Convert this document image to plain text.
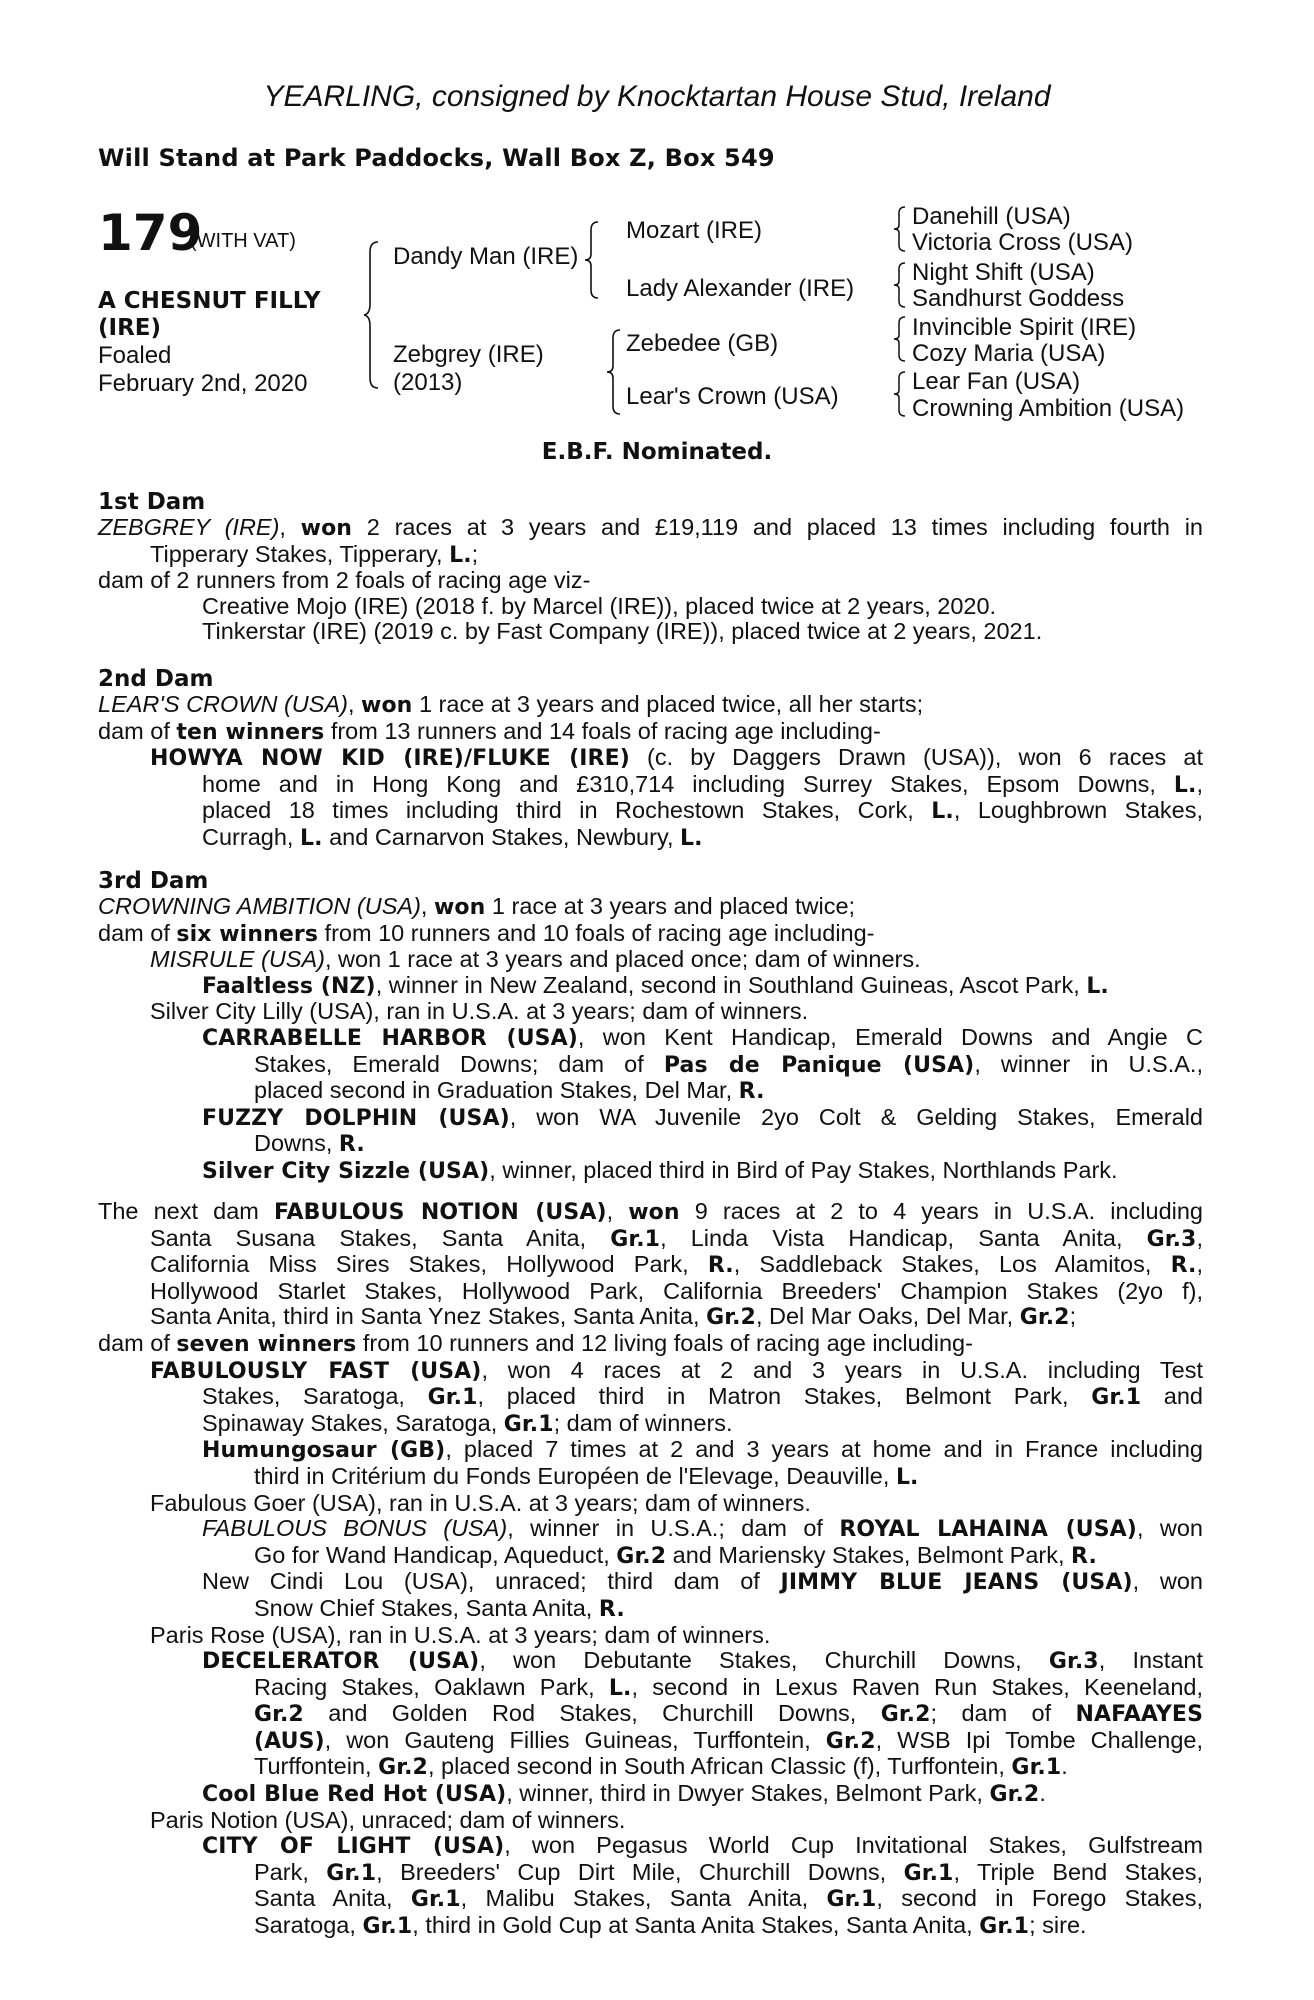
YEARLING, consigned by Knocktartan House Stud, Ireland
Will Stand at Park Paddocks, Wall Box Z, Box 549
179
(WITH VAT)
A CHESNUT FILLY
(IRE)
Foaled
February 2nd, 2020
Dandy Man (IRE)
Zebgrey (IRE)
(2013)
Mozart (IRE)
Lady Alexander (IRE)
Zebedee (GB)
Lear's Crown (USA)
Danehill (USA)
Victoria Cross (USA)
Night Shift (USA)
Sandhurst Goddess
Invincible Spirit (IRE)
Cozy Maria (USA)
Lear Fan (USA)
Crowning Ambition (USA)
E.B.F. Nominated.
1st Dam
ZEBGREY (IRE), won 2 races at 3 years and £19,119 and placed 13 times including fourth in
Tipperary Stakes, Tipperary, L.;
dam of 2 runners from 2 foals of racing age viz-
Creative Mojo (IRE) (2018 f. by Marcel (IRE)), placed twice at 2 years, 2020.
Tinkerstar (IRE) (2019 c. by Fast Company (IRE)), placed twice at 2 years, 2021.
2nd Dam
LEAR'S CROWN (USA), won 1 race at 3 years and placed twice, all her starts;
dam of ten winners from 13 runners and 14 foals of racing age including-
HOWYA NOW KID (IRE)/FLUKE (IRE) (c. by Daggers Drawn (USA)), won 6 races at
home and in Hong Kong and £310,714 including Surrey Stakes, Epsom Downs, L.,
placed 18 times including third in Rochestown Stakes, Cork, L., Loughbrown Stakes,
Curragh, L. and Carnarvon Stakes, Newbury, L.
3rd Dam
CROWNING AMBITION (USA), won 1 race at 3 years and placed twice;
dam of six winners from 10 runners and 10 foals of racing age including-
MISRULE (USA), won 1 race at 3 years and placed once; dam of winners.
Faaltless (NZ), winner in New Zealand, second in Southland Guineas, Ascot Park, L.
Silver City Lilly (USA), ran in U.S.A. at 3 years; dam of winners.
CARRABELLE HARBOR (USA), won Kent Handicap, Emerald Downs and Angie C
Stakes, Emerald Downs; dam of Pas de Panique (USA), winner in U.S.A.,
placed second in Graduation Stakes, Del Mar, R.
FUZZY DOLPHIN (USA), won WA Juvenile 2yo Colt & Gelding Stakes, Emerald
Downs, R.
Silver City Sizzle (USA), winner, placed third in Bird of Pay Stakes, Northlands Park.
The next dam FABULOUS NOTION (USA), won 9 races at 2 to 4 years in U.S.A. including
Santa Susana Stakes, Santa Anita, Gr.1, Linda Vista Handicap, Santa Anita, Gr.3,
California Miss Sires Stakes, Hollywood Park, R., Saddleback Stakes, Los Alamitos, R.,
Hollywood Starlet Stakes, Hollywood Park, California Breeders' Champion Stakes (2yo f),
Santa Anita, third in Santa Ynez Stakes, Santa Anita, Gr.2, Del Mar Oaks, Del Mar, Gr.2;
dam of seven winners from 10 runners and 12 living foals of racing age including-
FABULOUSLY FAST (USA), won 4 races at 2 and 3 years in U.S.A. including Test
Stakes, Saratoga, Gr.1, placed third in Matron Stakes, Belmont Park, Gr.1 and
Spinaway Stakes, Saratoga, Gr.1; dam of winners.
Humungosaur (GB), placed 7 times at 2 and 3 years at home and in France including
third in Critérium du Fonds Européen de l'Elevage, Deauville, L.
Fabulous Goer (USA), ran in U.S.A. at 3 years; dam of winners.
FABULOUS BONUS (USA), winner in U.S.A.; dam of ROYAL LAHAINA (USA), won
Go for Wand Handicap, Aqueduct, Gr.2 and Mariensky Stakes, Belmont Park, R.
New Cindi Lou (USA), unraced; third dam of JIMMY BLUE JEANS (USA), won
Snow Chief Stakes, Santa Anita, R.
Paris Rose (USA), ran in U.S.A. at 3 years; dam of winners.
DECELERATOR (USA), won Debutante Stakes, Churchill Downs, Gr.3, Instant
Racing Stakes, Oaklawn Park, L., second in Lexus Raven Run Stakes, Keeneland,
Gr.2 and Golden Rod Stakes, Churchill Downs, Gr.2; dam of NAFAAYES
(AUS), won Gauteng Fillies Guineas, Turffontein, Gr.2, WSB Ipi Tombe Challenge,
Turffontein, Gr.2, placed second in South African Classic (f), Turffontein, Gr.1.
Cool Blue Red Hot (USA), winner, third in Dwyer Stakes, Belmont Park, Gr.2.
Paris Notion (USA), unraced; dam of winners.
CITY OF LIGHT (USA), won Pegasus World Cup Invitational Stakes, Gulfstream
Park, Gr.1, Breeders' Cup Dirt Mile, Churchill Downs, Gr.1, Triple Bend Stakes,
Santa Anita, Gr.1, Malibu Stakes, Santa Anita, Gr.1, second in Forego Stakes,
Saratoga, Gr.1, third in Gold Cup at Santa Anita Stakes, Santa Anita, Gr.1; sire.
